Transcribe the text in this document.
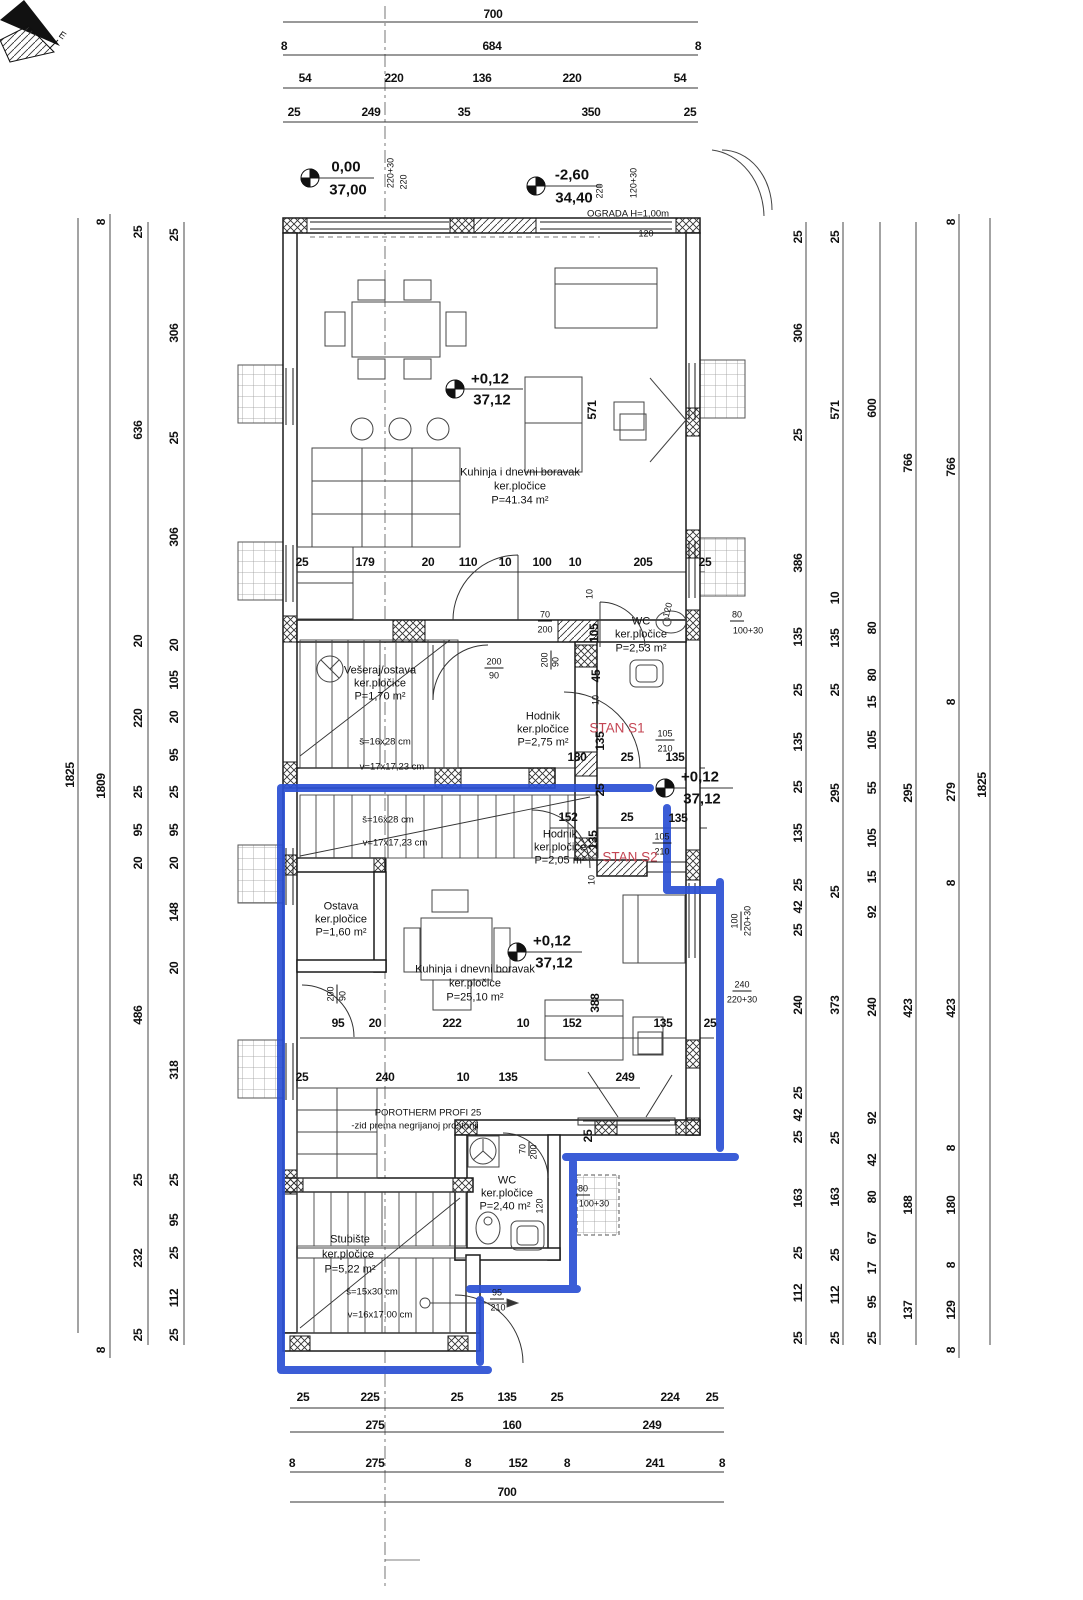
700
8	684	8
54	220	136	220	54
25	249	35	350	25
0,00
37,00
220+30 220	-2,60
34,40 220	120+30
OGRADA H=1,00m
120
E
1825
8
1809
8
25
636
20
220
25
95
20
486
25
232
25
25
306
25
306
20
105
20
95
25
95
20
148
20
318
25
95
25
112
25
25
306
25
386
135
25
135
25
135
25
42
25
240
25
42
25
163
25
112
25
25
571
10
135
25
295
25
373
25
163
25
112
25
600
80
80
15
105
55
105
15
92
240
92
42
80
67
17
95
25
766
295
423
188
137
8
766
8
279
8
423
8
180
8
129
8
1825
25	225	25	135	25	224 25
275	160	249
8	275	8	152	8	241	8
700
25	179	20 110 10 100 10	205	25
70
200
10
105
45
10
200 90
200
90
80
100+30
120
180
135
25	135
105
210
152	25	135
135	105
210
25
10
571
+0,12
37,12
+0,12
37,12
+0,12
37,12
100 220+30
240
220+30
95 20	222	10	152
388
135	25
200 90
25	240	10 135	249
25
70 200
120
80
100+30
95
210
Kuhinja i dnevni boravak
ker.pločice
P=41.34 m²
WC
ker.pločice
P=2,53 m²
Vešeraj/ostava
ker.pločice
P=1,70 m²
Hodnik
ker.pločice
P=2,75 m²
Hodnik
ker.pločice
P=2,05 m²
Ostava
ker.pločice
P=1,60 m²
Kuhinja i dnevni boravak
ker.pločice
P=25,10 m²
WC
ker.pločice
P=2,40 m²
Stubište
ker.pločice
P=5,22 m²
š=16x28 cm
v=17x17,23 cm
š=16x28 cm
v=17x17,23 cm
š=15x30 cm
v=16x17,00 cm
POROTHERM PROFI 25
-zid prema negrijanoj prostoriji
STAN S1
STAN S2
